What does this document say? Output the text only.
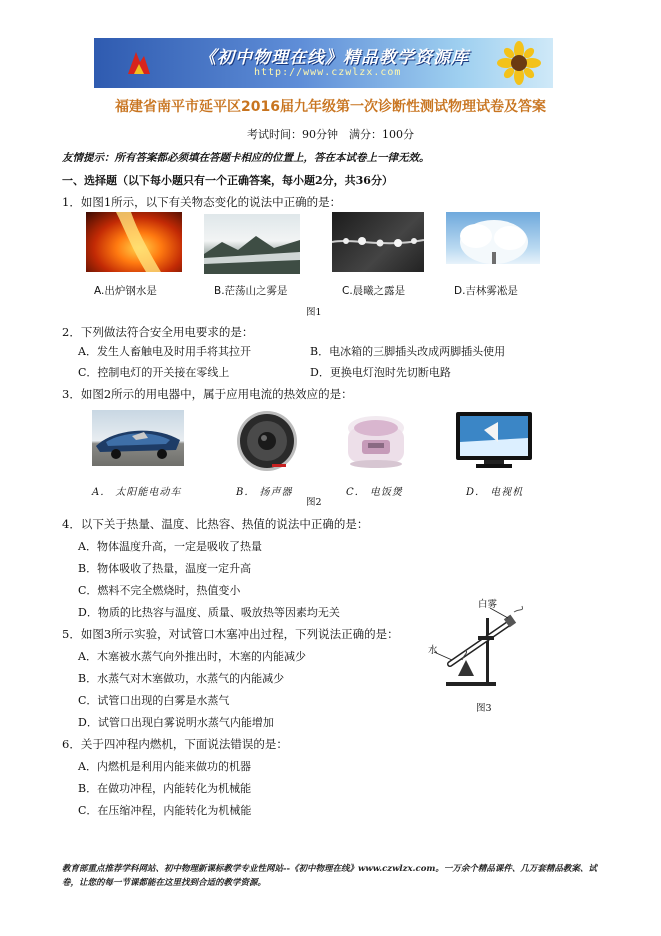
《初中物理在线》精品教学资源库
http://www.czwlzx.com
福建省南平市延平区2016届九年级第一次诊断性测试物理试卷及答案
考试时间：90分钟　满分：100分
友情提示：所有答案都必须填在答题卡相应的位置上，答在本试卷上一律无效。
一、选择题（以下每小题只有一个正确答案，每小题2分，共36分）
1．如图1所示，以下有关物态变化的说法中正确的是：
A.出炉钢水是	B.茫荡山之雾是	C.晨曦之露是	D.吉林雾凇是
图1
2．下列做法符合安全用电要求的是：
A．发生人畜触电及时用手将其拉开	B．电冰箱的三脚插头改成两脚插头使用
C．控制电灯的开关接在零线上	D．更换电灯泡时先切断电路
3．如图2所示的用电器中，属于应用电流的热效应的是：
A． 太阳能电动车	B． 扬声器	C． 电饭煲	D． 电视机
图2
4．以下关于热量、温度、比热容、热值的说法中正确的是：
A．物体温度升高，一定是吸收了热量
B．物体吸收了热量，温度一定升高
C．燃料不完全燃烧时，热值变小
D．物质的比热容与温度、质量、吸放热等因素均无关
5．如图3所示实验，对试管口木塞冲出过程，下列说法正确的是：
A．木塞被水蒸气向外推出时，木塞的内能减少
B．水蒸气对木塞做功，水蒸气的内能减少
C．试管口出现的白雾是水蒸气
D．试管口出现白雾说明水蒸气内能增加
白雾
水
图3
6．关于四冲程内燃机，下面说法错误的是：
A．内燃机是利用内能来做功的机器
B．在做功冲程，内能转化为机械能
C．在压缩冲程，内能转化为机械能
教育部重点推荐学科网站、初中物理新课标教学专业性网站--《初中物理在线》www.czwlzx.com。一万余个精品课件、几万套精品教案、试卷，让您的每一节课都能在这里找到合适的教学资源。
